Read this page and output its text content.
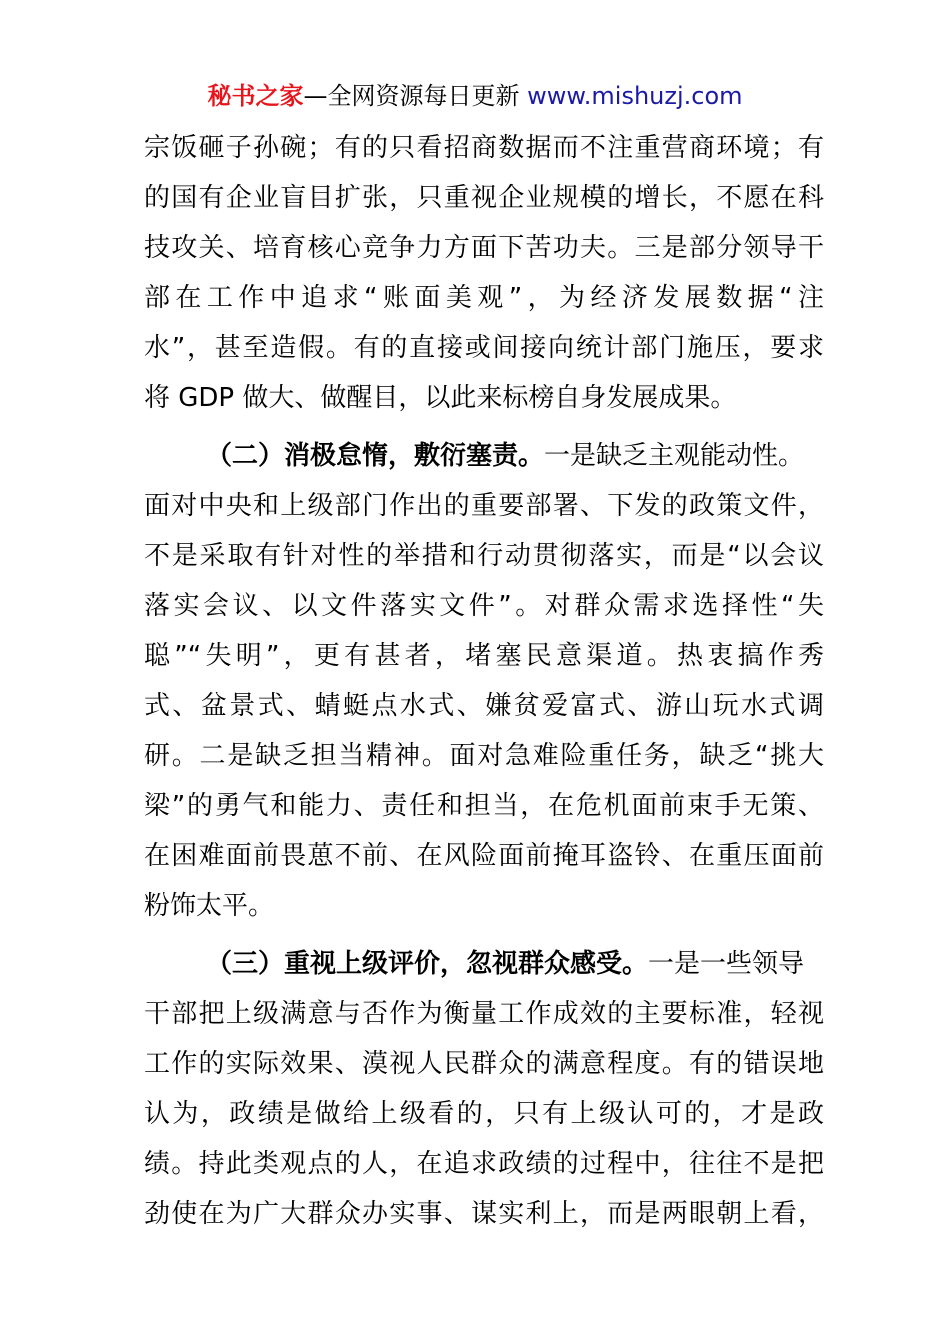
秘书之家—全网资源每日更新 www.mishuzj.com
宗饭砸子孙碗；有的只看招商数据而不注重营商环境；有
的国有企业盲目扩张，只重视企业规模的增长，不愿在科
技攻关、培育核心竞争力方面下苦功夫。三是部分领导干
部在工作中追求“账面美观”，为经济发展数据“注
水”，甚至造假。有的直接或间接向统计部门施压，要求
将 GDP 做大、做醒目，以此来标榜自身发展成果。
（二）消极怠惰，敷衍塞责。一是缺乏主观能动性。
面对中央和上级部门作出的重要部署、下发的政策文件，
不是采取有针对性的举措和行动贯彻落实，而是“以会议
落实会议、以文件落实文件”。对群众需求选择性“失
聪”“失明”，更有甚者，堵塞民意渠道。热衷搞作秀
式、盆景式、蜻蜓点水式、嫌贫爱富式、游山玩水式调
研。二是缺乏担当精神。面对急难险重任务，缺乏“挑大
梁”的勇气和能力、责任和担当，在危机面前束手无策、
在困难面前畏葸不前、在风险面前掩耳盗铃、在重压面前
粉饰太平。
（三）重视上级评价，忽视群众感受。一是一些领导
干部把上级满意与否作为衡量工作成效的主要标准，轻视
工作的实际效果、漠视人民群众的满意程度。有的错误地
认为，政绩是做给上级看的，只有上级认可的，才是政
绩。持此类观点的人，在追求政绩的过程中，往往不是把
劲使在为广大群众办实事、谋实利上，而是两眼朝上看，
